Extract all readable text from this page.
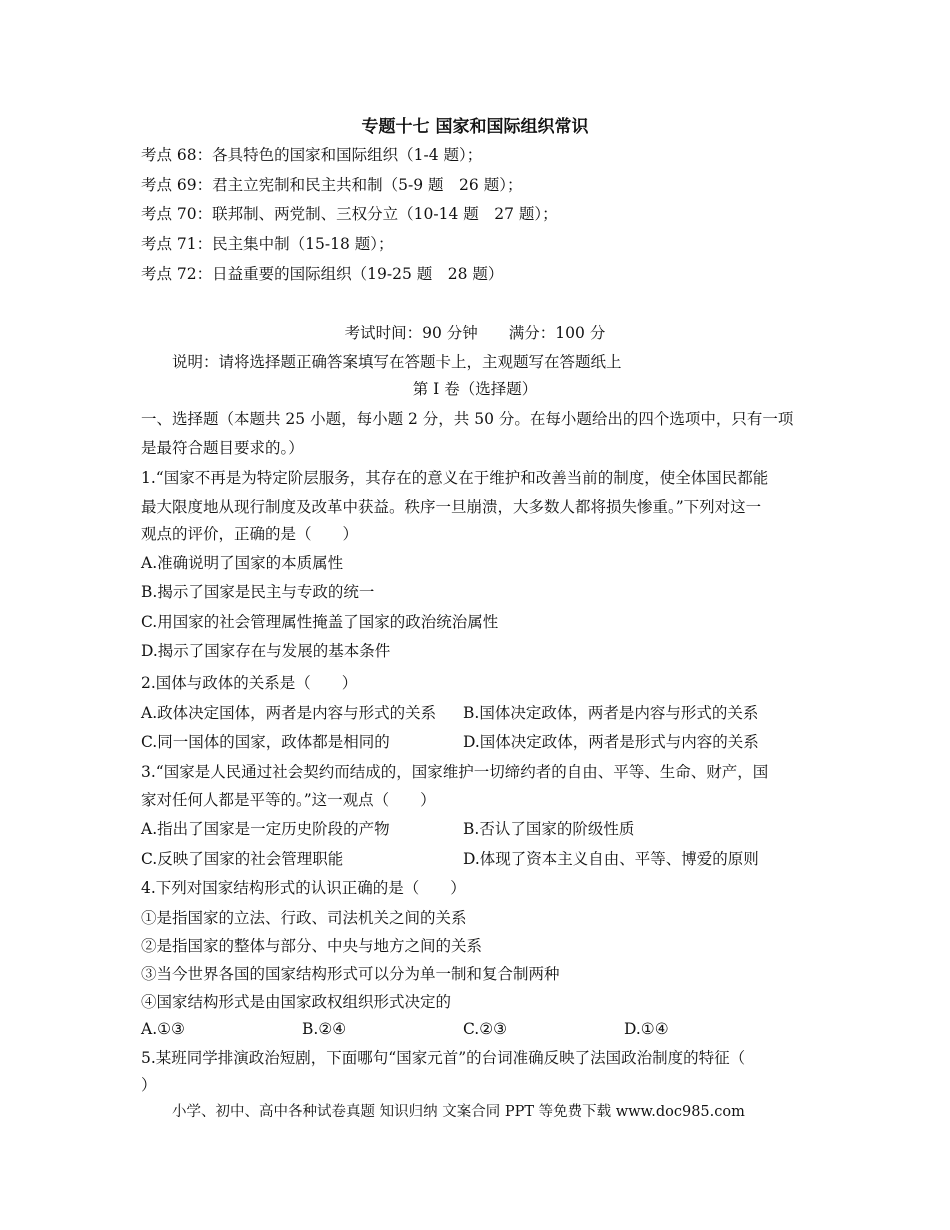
专题十七 国家和国际组织常识
考点 68：各具特色的国家和国际组织（1-4 题）；
考点 69：君主立宪制和民主共和制（5-9 题　26 题）；
考点 70：联邦制、两党制、三权分立（10-14 题　27 题）；
考点 71：民主集中制（15-18 题）；
考点 72：日益重要的国际组织（19-25 题　28 题）
考试时间：90 分钟　　满分：100 分
说明：请将选择题正确答案填写在答题卡上，主观题写在答题纸上
第 I 卷（选择题）
一、选择题（本题共 25 小题，每小题 2 分，共 50 分。在每小题给出的四个选项中，只有一项
是最符合题目要求的。）
1.“国家不再是为特定阶层服务，其存在的意义在于维护和改善当前的制度，使全体国民都能
最大限度地从现行制度及改革中获益。秩序一旦崩溃，大多数人都将损失惨重。”下列对这一
观点的评价，正确的是（　　）
A.准确说明了国家的本质属性
B.揭示了国家是民主与专政的统一
C.用国家的社会管理属性掩盖了国家的政治统治属性
D.揭示了国家存在与发展的基本条件
2.国体与政体的关系是（　　）
A.政体决定国体，两者是内容与形式的关系 B.国体决定政体，两者是内容与形式的关系
C.同一国体的国家，政体都是相同的	D.国体决定政体，两者是形式与内容的关系
3.“国家是人民通过社会契约而结成的，国家维护一切缔约者的自由、平等、生命、财产，国
家对任何人都是平等的。”这一观点（　　）
A.指出了国家是一定历史阶段的产物	B.否认了国家的阶级性质
C.反映了国家的社会管理职能	D.体现了资本主义自由、平等、博爱的原则
4.下列对国家结构形式的认识正确的是（　　）
①是指国家的立法、行政、司法机关之间的关系
②是指国家的整体与部分、中央与地方之间的关系
③当今世界各国的国家结构形式可以分为单一制和复合制两种
④国家结构形式是由国家政权组织形式决定的
A.①③	B.②④	C.②③	D.①④
5.某班同学排演政治短剧，下面哪句“国家元首”的台词准确反映了法国政治制度的特征（
）
小学、初中、高中各种试卷真题 知识归纳 文案合同 PPT 等免费下载 www.doc985.com
